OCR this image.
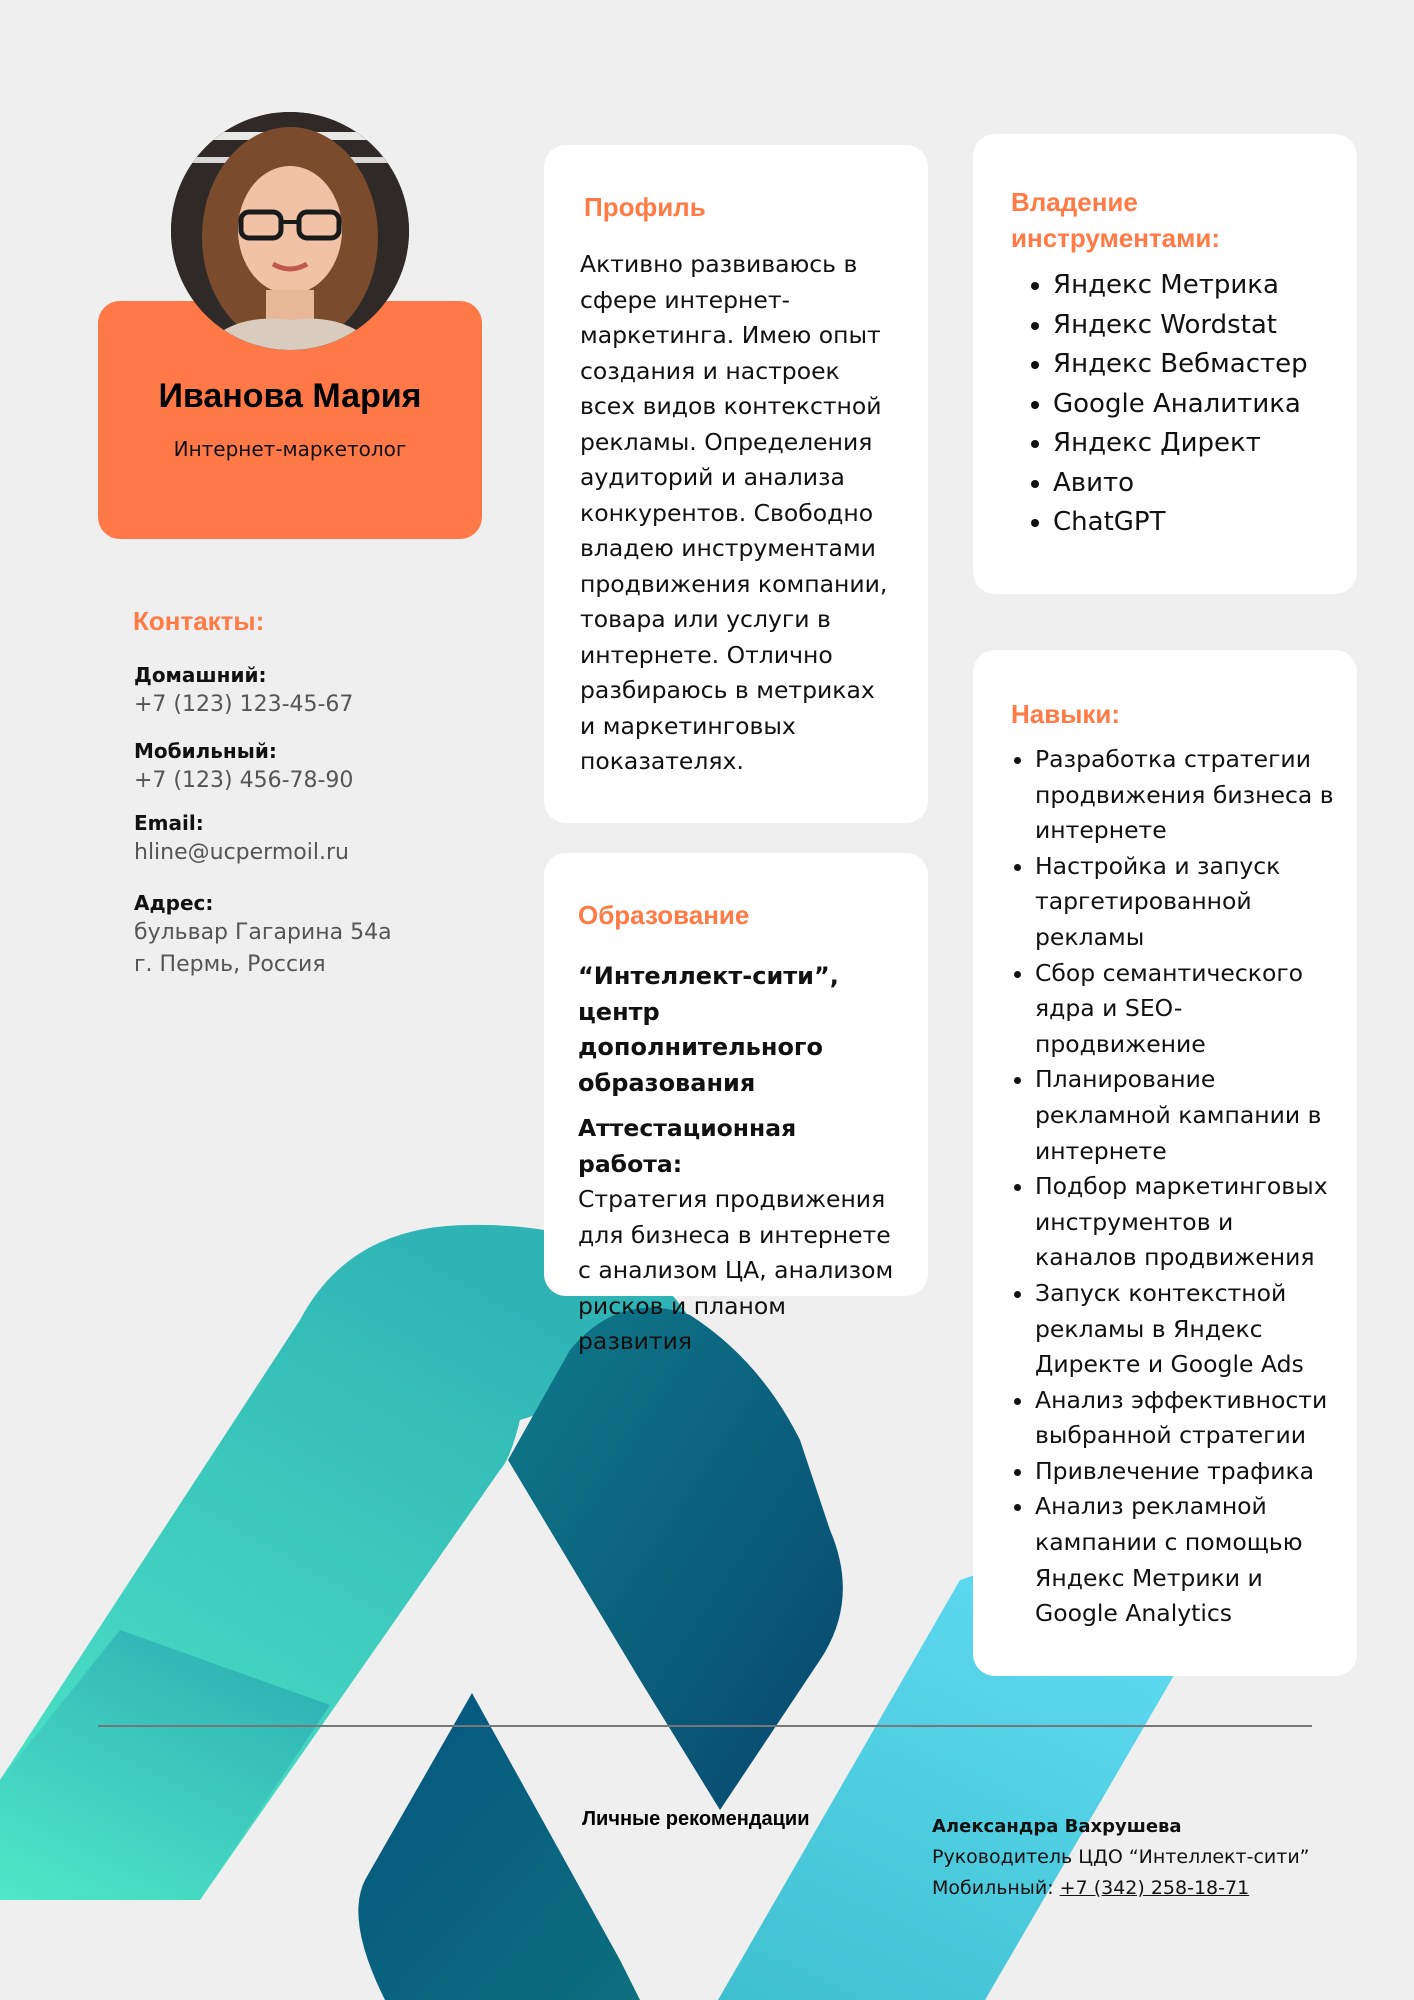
Иванова Мария
Интернет-маркетолог
Контакты:
Домашний:
+7 (123) 123-45-67
Мобильный:
+7 (123) 456-78-90
Email:
hline@ucpermoil.ru
Адрес:
бульвар Гагарина 54а
г. Пермь, Россия
Профиль
Активно развиваюсь в сфере интернет-маркетинга. Имею опыт создания и настроек всех видов контекстной рекламы. Определения аудиторий и анализа конкурентов. Свободно владею инструментами продвижения компании, товара или услуги в интернете. Отлично разбираюсь в метриках и маркетинговых показателях.
Образование
“Интеллект-сити”, центр дополнительного образования
Аттестационная работа:
Стратегия продвижения для бизнеса в интернете с анализом ЦА, анализом рисков и планом развития
Владение
инструментами:
• Яндекс Метрика
• Яндекс Wordstat
• Яндекс Вебмастер
• Google Аналитика
• Яндекс Директ
• Авито
• ChatGPT
Навыки:
• Разработка стратегии продвижения бизнеса в интернете
• Настройка и запуск таргетированной рекламы
• Сбор семантического ядра и SEO-продвижение
• Планирование рекламной кампании в интернете
• Подбор маркетинговых инструментов и каналов продвижения
• Запуск контекстной рекламы в Яндекс Директе и Google Ads
• Анализ эффективности выбранной стратегии
• Привлечение трафика
• Анализ рекламной кампании с помощью Яндекс Метрики и Google Analytics
Личные рекомендации	Александра Вахрушева
Руководитель ЦДО “Интеллект-сити”
Мобильный: +7 (342) 258-18-71
